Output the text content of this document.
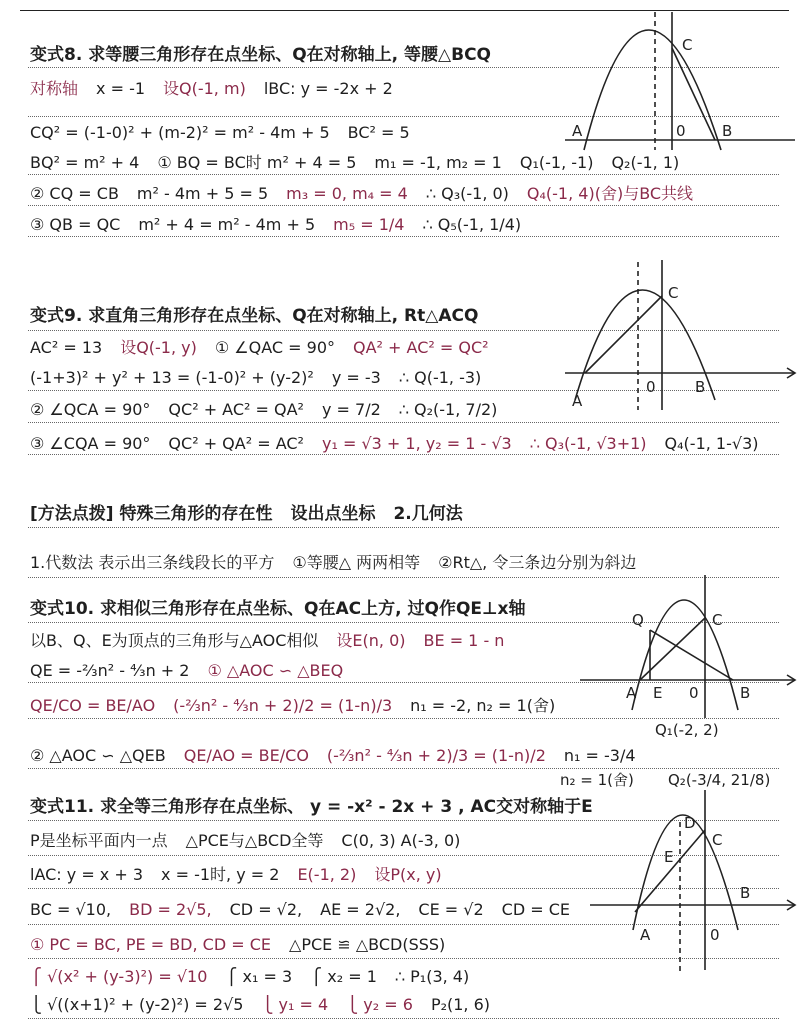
变式8. 求等腰三角形存在点坐标、Q在对称轴上, 等腰△BCQ
对称轴 x = -1 设Q(-1, m) lBC: y = -2x + 2
CQ² = (-1-0)² + (m-2)² = m² - 4m + 5 BC² = 5
BQ² = m² + 4 ① BQ = BC时 m² + 4 = 5 m₁ = -1, m₂ = 1 Q₁(-1, -1) Q₂(-1, 1)
② CQ = CB m² - 4m + 5 = 5 m₃ = 0, m₄ = 4 ∴ Q₃(-1, 0) Q₄(-1, 4)(舍)与BC共线
③ QB = QC m² + 4 = m² - 4m + 5 m₅ = 1/4 ∴ Q₅(-1, 1/4)
变式9. 求直角三角形存在点坐标、Q在对称轴上, Rt△ACQ
AC² = 13 设Q(-1, y) ① ∠QAC = 90° QA² + AC² = QC²
(-1+3)² + y² + 13 = (-1-0)² + (y-2)² y = -3 ∴ Q(-1, -3)
② ∠QCA = 90° QC² + AC² = QA² y = 7/2 ∴ Q₂(-1, 7/2)
③ ∠CQA = 90° QC² + QA² = AC² y₁ = √3 + 1, y₂ = 1 - √3 ∴ Q₃(-1, √3+1) Q₄(-1, 1-√3)
[方法点拨] 特殊三角形的存在性 设出点坐标 2.几何法
1.代数法 表示出三条线段长的平方 ①等腰△ 两两相等 ②Rt△, 令三条边分别为斜边
变式10. 求相似三角形存在点坐标、Q在AC上方, 过Q作QE⊥x轴
以B、Q、E为顶点的三角形与△AOC相似 设E(n, 0) BE = 1 - n
QE = -⅔n² - ⁴⁄₃n + 2 ① △AOC ∽ △BEQ
QE/CO = BE/AO (-⅔n² - ⁴⁄₃n + 2)/2 = (1-n)/3 n₁ = -2, n₂ = 1(舍)
② △AOC ∽ △QEB QE/AO = BE/CO (-⅔n² - ⁴⁄₃n + 2)/3 = (1-n)/2 n₁ = -3/4
变式11. 求全等三角形存在点坐标、 y = -x² - 2x + 3 , AC交对称轴于E
P是坐标平面内一点 △PCE与△BCD全等 C(0, 3) A(-3, 0)
lAC: y = x + 3 x = -1时, y = 2 E(-1, 2) 设P(x, y)
BC = √10, BD = 2√5, CD = √2, AE = 2√2, CE = √2 CD = CE
① PC = BC, PE = BD, CD = CE △PCE ≌ △BCD(SSS)
⎧ √(x² + (y-3)²) = √10 ⎧ x₁ = 3 ⎧ x₂ = 1 ∴ P₁(3, 4)
⎩ √((x+1)² + (y-2)²) = 2√5 ⎩ y₁ = 4 ⎩ y₂ = 6 P₂(1, 6)
Q₁(-2, 2)
n₂ = 1(舍) Q₂(-3/4, 21/8)
A	B
C
0
A
B
C
0
A E 0	B
Q	C
A
B
C
D
E
0
